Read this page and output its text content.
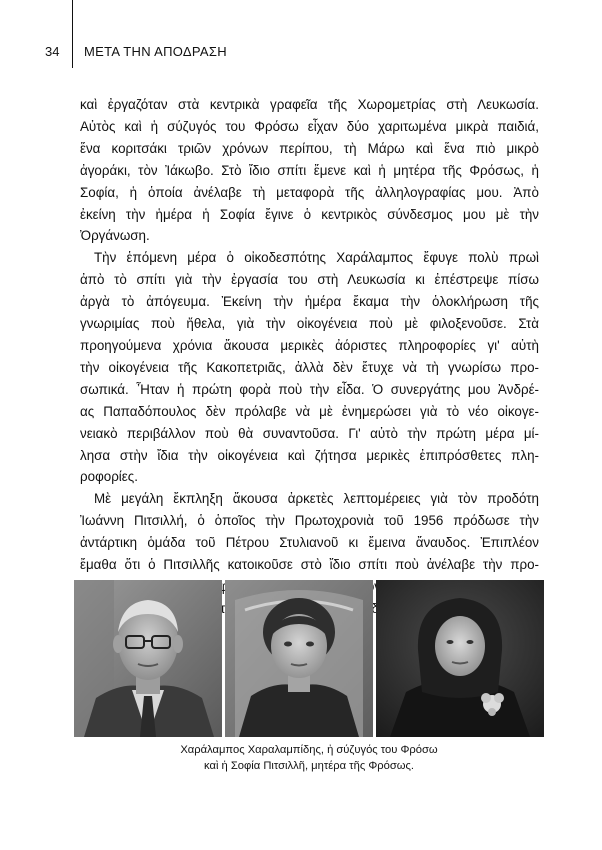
34 ΜΕΤΑ ΤΗΝ ΑΠΟΔΡΑΣΗ
καὶ ἐργαζόταν στὰ κεντρικὰ γραφεῖα τῆς Χωρομετρίας στὴ Λευκωσία.
Αὐτὸς καὶ ἡ σύζυγός του Φρόσω εἶχαν δύο χαριτωμένα μικρὰ παιδιά,
ἕνα κοριτσάκι τριῶν χρόνων περίπου, τὴ Μάρω καὶ ἕνα πιὸ μικρὸ
ἀγοράκι, τὸν Ἰάκωβο. Στὸ ἴδιο σπίτι ἔμενε καὶ ἡ μητέρα τῆς Φρόσως, ἡ
Σοφία, ἡ ὁποία ἀνέλαβε τὴ μεταφορὰ τῆς ἀλληλογραφίας μου. Ἀπὸ
ἐκείνη τὴν ἡμέρα ἡ Σοφία ἔγινε ὁ κεντρικὸς σύνδεσμος μου μὲ τὴν
Ὀργάνωση.
Τὴν ἑπόμενη μέρα ὁ οἰκοδεσπότης Χαράλαμπος ἔφυγε πολὺ πρωὶ
ἀπὸ τὸ σπίτι γιὰ τὴν ἐργασία του στὴ Λευκωσία κι ἐπέστρεψε πίσω
ἀργὰ τὸ ἀπόγευμα. Ἐκείνη τὴν ἡμέρα ἔκαμα τὴν ὁλοκλήρωση τῆς
γνωριμίας ποὺ ἤθελα, γιὰ τὴν οἰκογένεια ποὺ μὲ φιλοξενοῦσε. Στὰ
προηγούμενα χρόνια ἄκουσα μερικὲς ἀόριστες πληροφορίες γι' αὐτὴ
τὴν οἰκογένεια τῆς Κακοπετριᾶς, ἀλλὰ δὲν ἔτυχε νὰ τὴ γνωρίσω προ-
σωπικά. Ἦταν ἡ πρώτη φορὰ ποὺ τὴν εἶδα. Ὁ συνεργάτης μου Ἀνδρέ-
ας Παπαδόπουλος δὲν πρόλαβε νὰ μὲ ἐνημερώσει γιὰ τὸ νέο οἰκογε-
νειακὸ περιβάλλον ποὺ θὰ συναντοῦσα. Γι' αὐτὸ τὴν πρώτη μέρα μί-
λησα στὴν ἴδια τὴν οἰκογένεια καὶ ζήτησα μερικὲς ἐπιπρόσθετες πλη-
ροφορίες.
Μὲ μεγάλη ἔκπληξη ἄκουσα ἀρκετὲς λεπτομέρειες γιὰ τὸν προδότη
Ἰωάννη Πιτσιλλή, ὁ ὁποῖος τὴν Πρωτοχρονιὰ τοῦ 1956 πρόδωσε τὴν
ἀντάρτικη ὁμάδα τοῦ Πέτρου Στυλιανοῦ κι ἔμεινα ἄναυδος. Ἐπιπλέον
ἔμαθα ὅτι ὁ Πιτσιλλῆς κατοικοῦσε στὸ ἴδιο σπίτι ποὺ ἀνέλαβε τὴν προ-
προδότη.
Χαράλαμπος Χαραλαμπίδης, ἡ σύζυγός του Φρόσω
καὶ ἡ Σοφία Πιτσιλλῆ, μητέρα τῆς Φρόσως.
